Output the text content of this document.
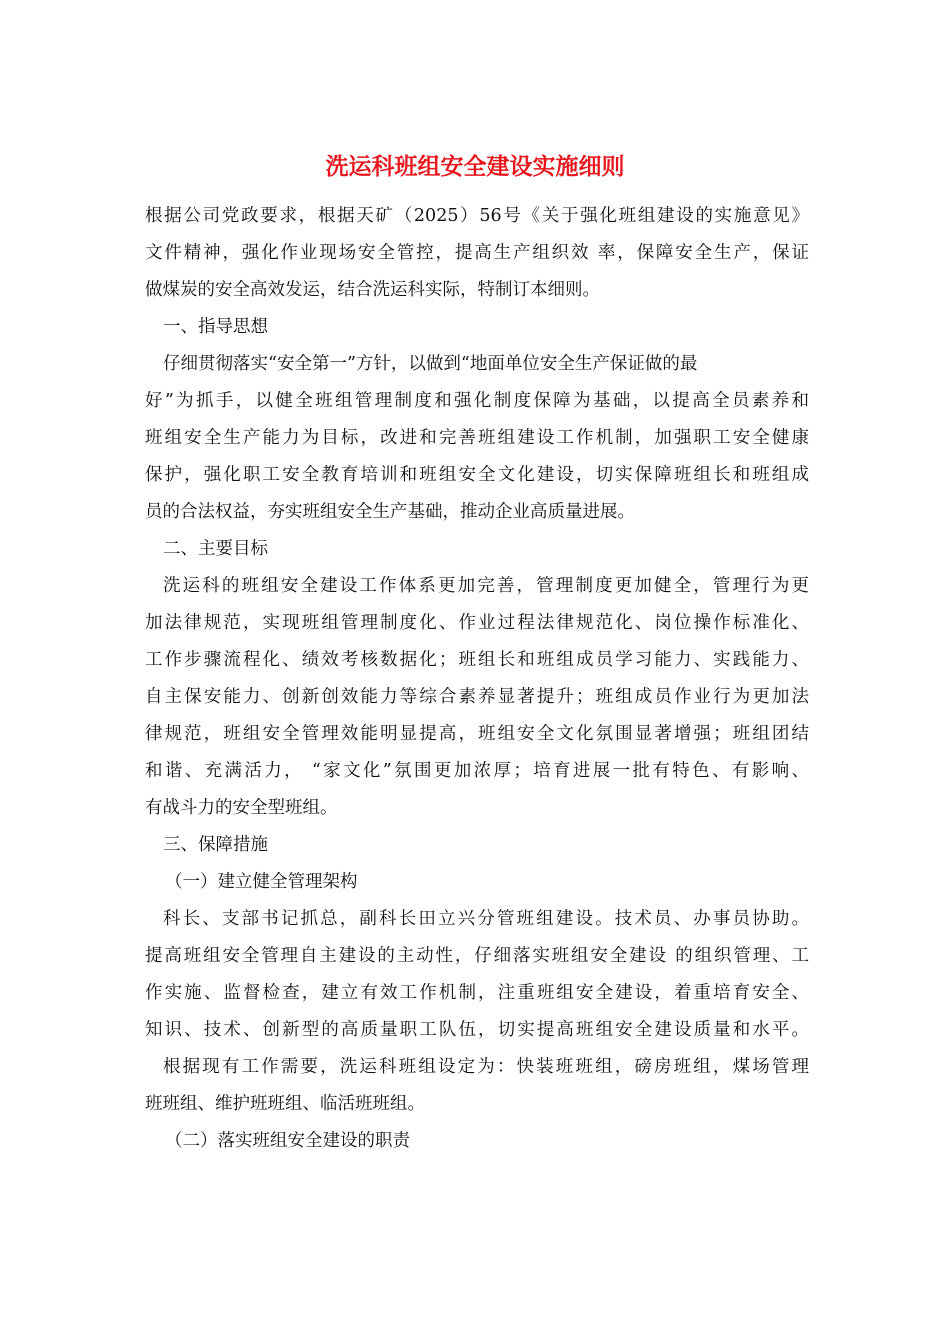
洗运科班组安全建设实施细则
根据公司党政要求，根据天矿（2025）56号《关于强化班组建设的实施意见》
文件精神，强化作业现场安全管控，提高生产组织效 率，保障安全生产，保证
做煤炭的安全高效发运，结合洗运科实际，特制订本细则。
一、指导思想
仔细贯彻落实“安全第一”方针，以做到“地面单位安全生产保证做的最
好”为抓手，以健全班组管理制度和强化制度保障为基础，以提高全员素养和
班组安全生产能力为目标，改进和完善班组建设工作机制，加强职工安全健康
保护，强化职工安全教育培训和班组安全文化建设，切实保障班组长和班组成
员的合法权益，夯实班组安全生产基础，推动企业高质量进展。
二、主要目标
洗运科的班组安全建设工作体系更加完善，管理制度更加健全，管理行为更
加法律规范，实现班组管理制度化、作业过程法律规范化、岗位操作标准化、
工作步骤流程化、绩效考核数据化；班组长和班组成员学习能力、实践能力、
自主保安能力、创新创效能力等综合素养显著提升；班组成员作业行为更加法
律规范，班组安全管理效能明显提高，班组安全文化氛围显著增强；班组团结
和谐、充满活力， “家文化”氛围更加浓厚；培育进展一批有特色、有影响、
有战斗力的安全型班组。
三、保障措施
（一）建立健全管理架构
科长、支部书记抓总，副科长田立兴分管班组建设。技术员、办事员协助。
提高班组安全管理自主建设的主动性，仔细落实班组安全建设 的组织管理、工
作实施、监督检查，建立有效工作机制，注重班组安全建设，着重培育安全、
知识、技术、创新型的高质量职工队伍，切实提高班组安全建设质量和水平。
根据现有工作需要，洗运科班组设定为：快装班班组，磅房班组，煤场管理
班班组、维护班班组、临活班班组。
（二）落实班组安全建设的职责
